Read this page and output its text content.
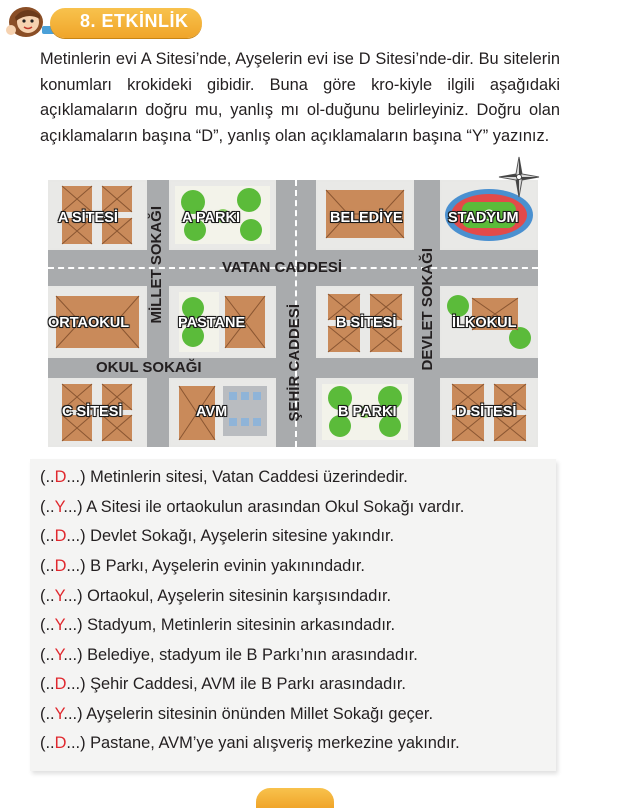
8. ETKİNLİK
Metinlerin evi A Sitesi’nde, Ayşelerin evi ise D Sitesi’nde-dir. Bu sitelerin konumları krokideki gibidir. Buna göre kro-kiyle ilgili aşağıdaki açıklamaların doğru mu, yanlış mı ol-duğunu belirleyiniz. Doğru olan açıklamaların başına “D”, yanlış olan açıklamaların başına “Y” yazınız.
A SİTESİ	A PARKI	BELEDİYE	STADYUM
ORTAOKUL	PASTANE	B SİTESİ	İLKOKUL
C SİTESİ	AVM	B PARKI	D SİTESİ
VATAN CADDESİ
OKUL SOKAĞI
MİLLET SOKAĞI
ŞEHİR CADDESİ	DEVLET SOKAĞI
(..D...) Metinlerin sitesi, Vatan Caddesi üzerindedir.
(..Y...) A Sitesi ile ortaokulun arasından Okul Sokağı vardır.
(..D...) Devlet Sokağı, Ayşelerin sitesine yakındır.
(..D...) B Parkı, Ayşelerin evinin yakınındadır.
(..Y...) Ortaokul, Ayşelerin sitesinin karşısındadır.
(..Y...) Stadyum, Metinlerin sitesinin arkasındadır.
(..Y...) Belediye, stadyum ile B Parkı’nın arasındadır.
(..D...) Şehir Caddesi, AVM ile B Parkı arasındadır.
(..Y...) Ayşelerin sitesinin önünden Millet Sokağı geçer.
(..D...) Pastane, AVM’ye yani alışveriş merkezine yakındır.
